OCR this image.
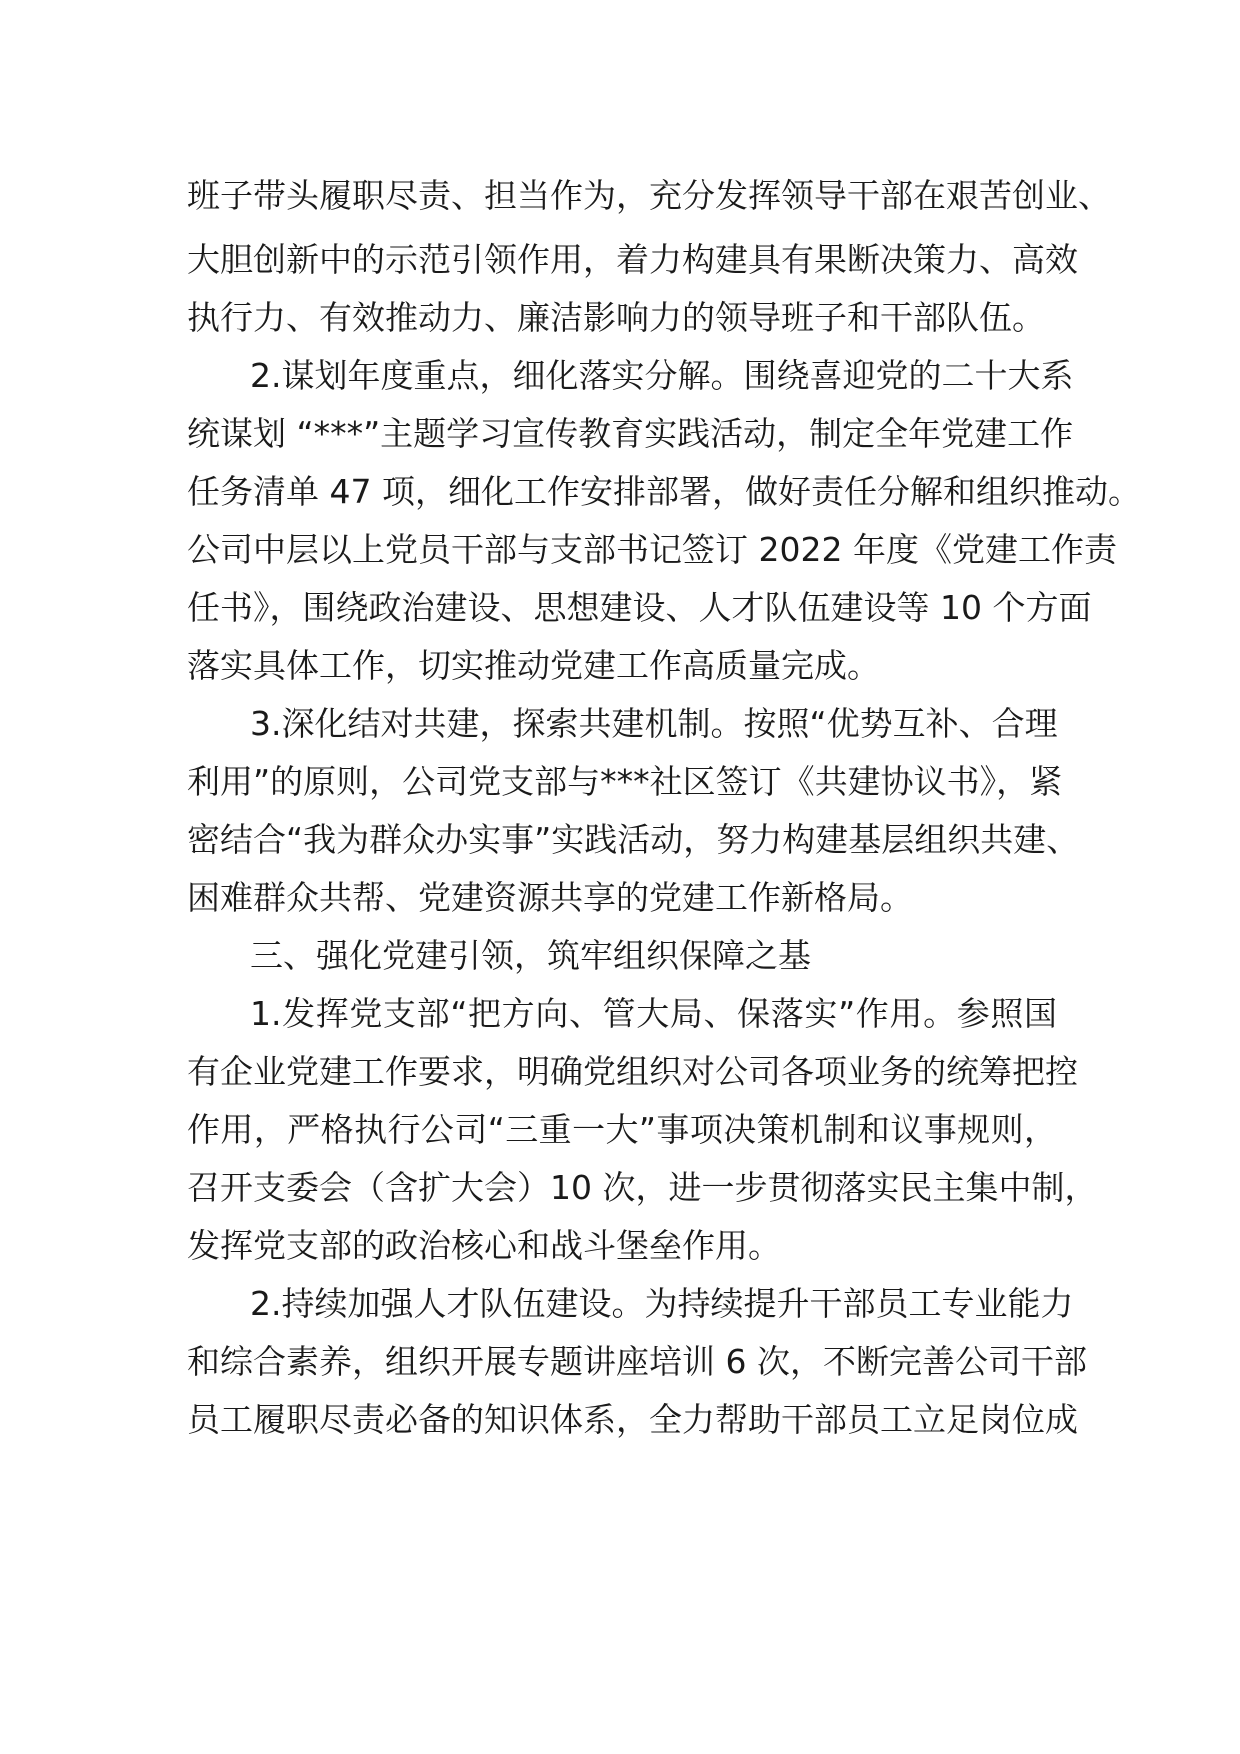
班子带头履职尽责、担当作为，充分发挥领导干部在艰苦创业、
大胆创新中的示范引领作用，着力构建具有果断决策力、高效
执行力、有效推动力、廉洁影响力的领导班子和干部队伍。
2.谋划年度重点，细化落实分解。围绕喜迎党的二十大系
统谋划 “***”主题学习宣传教育实践活动，制定全年党建工作
任务清单 47 项，细化工作安排部署，做好责任分解和组织推动。
公司中层以上党员干部与支部书记签订 2022 年度《党建工作责
任书》，围绕政治建设、思想建设、人才队伍建设等 10 个方面
落实具体工作，切实推动党建工作高质量完成。
3.深化结对共建，探索共建机制。按照“优势互补、合理
利用”的原则，公司党支部与***社区签订《共建协议书》，紧
密结合“我为群众办实事”实践活动，努力构建基层组织共建、
困难群众共帮、党建资源共享的党建工作新格局。
三、强化党建引领，筑牢组织保障之基
1.发挥党支部“把方向、管大局、保落实”作用。参照国
有企业党建工作要求，明确党组织对公司各项业务的统筹把控
作用，严格执行公司“三重一大”事项决策机制和议事规则，
召开支委会（含扩大会）10 次，进一步贯彻落实民主集中制，
发挥党支部的政治核心和战斗堡垒作用。
2.持续加强人才队伍建设。为持续提升干部员工专业能力
和综合素养，组织开展专题讲座培训 6 次，不断完善公司干部
员工履职尽责必备的知识体系，全力帮助干部员工立足岗位成
